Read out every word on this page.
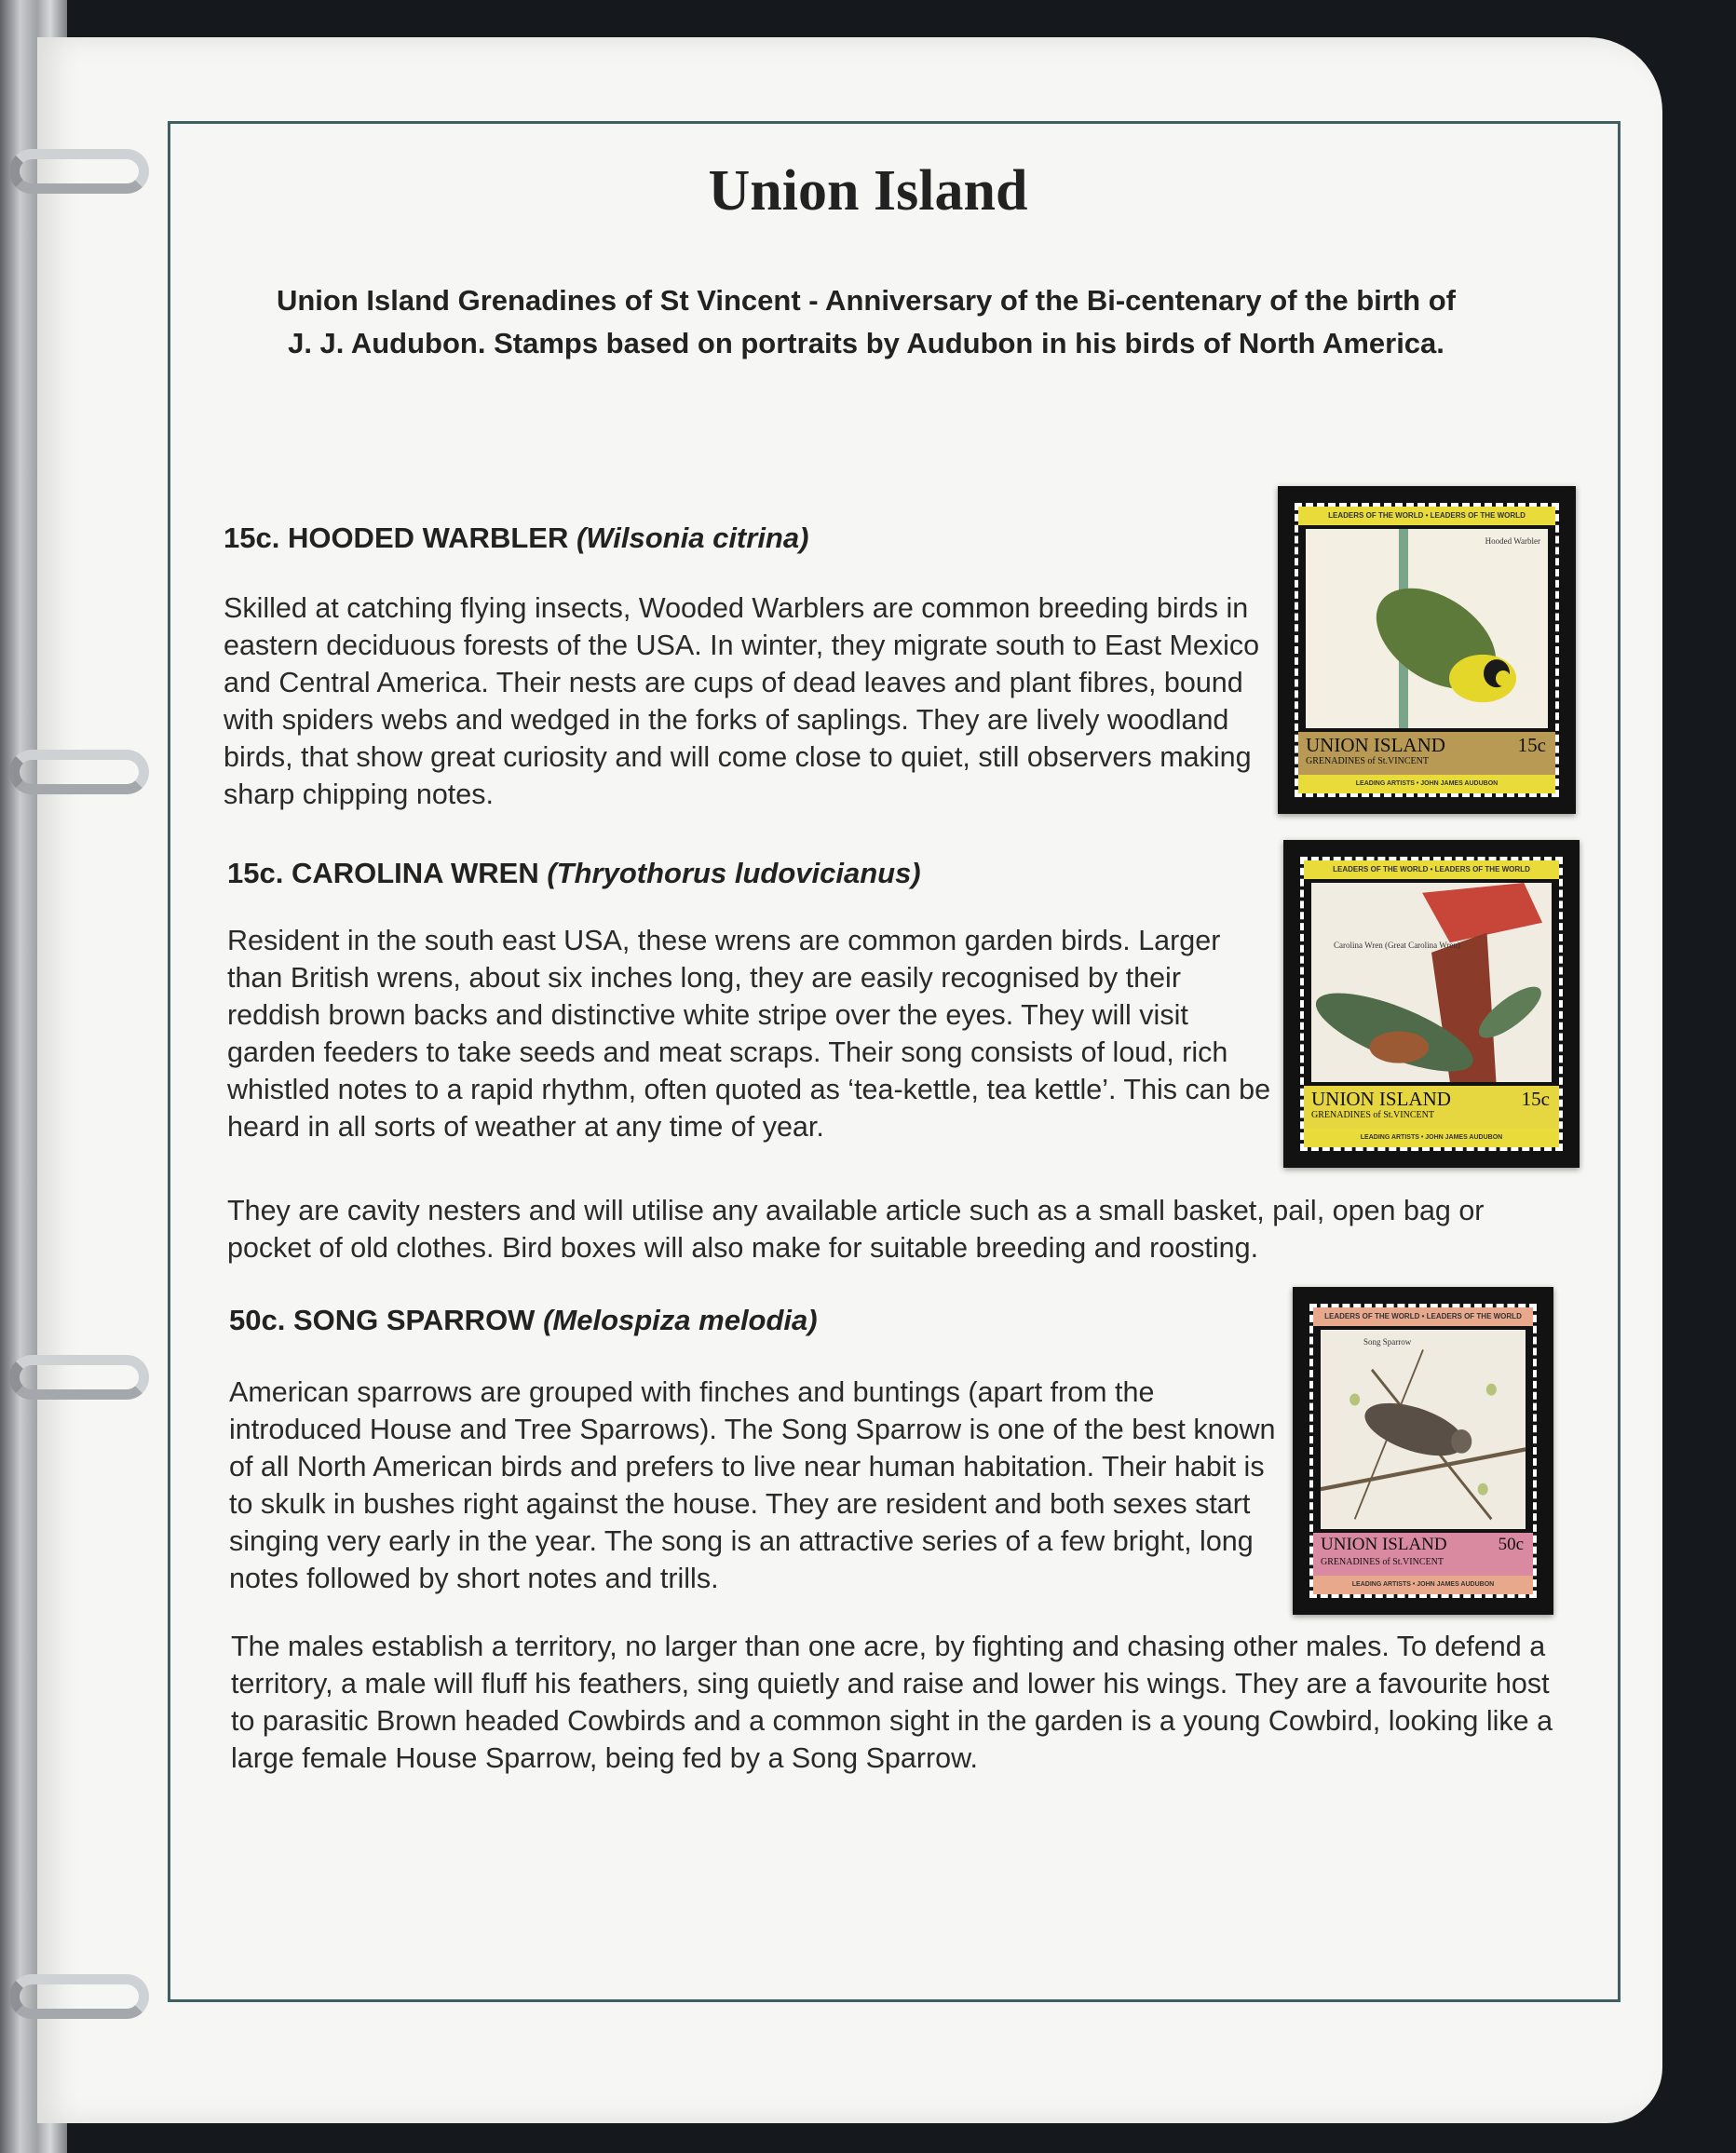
Union Island
Union Island Grenadines of St Vincent - Anniversary of the Bi-centenary of the birth of
J. J. Audubon. Stamps based on portraits by Audubon in his birds of North America.
15c. HOODED WARBLER (Wilsonia citrina)
Skilled at catching flying insects, Wooded Warblers are common breeding birds in eastern deciduous forests of the USA. In winter, they migrate south to East Mexico and Central America. Their nests are cups of dead leaves and plant fibres, bound with spiders webs and wedged in the forks of saplings. They are lively woodland birds, that show great curiosity and will come close to quiet, still observers making sharp chipping notes.
LEADERS OF THE WORLD • LEADERS OF THE WORLD
Hooded Warbler
UNION ISLAND	15c
GRENADINES of St.VINCENT
LEADING ARTISTS • JOHN JAMES AUDUBON
15c. CAROLINA WREN (Thryothorus ludovicianus)
Resident in the south east USA, these wrens are common garden birds. Larger than British wrens, about six inches long, they are easily recognised by their reddish brown backs and distinctive white stripe over the eyes. They will visit garden feeders to take seeds and meat scraps. Their song consists of loud, rich whistled notes to a rapid rhythm, often quoted as ‘tea-kettle, tea kettle’. This can be heard in all sorts of weather at any time of year.
They are cavity nesters and will utilise any available article such as a small basket, pail, open bag or pocket of old clothes. Bird boxes will also make for suitable breeding and roosting.
LEADERS OF THE WORLD • LEADERS OF THE WORLD
Carolina Wren (Great Carolina Wren)
UNION ISLAND	15c
GRENADINES of St.VINCENT
LEADING ARTISTS • JOHN JAMES AUDUBON
50c. SONG SPARROW (Melospiza melodia)
American sparrows are grouped with finches and buntings (apart from the introduced House and Tree Sparrows). The Song Sparrow is one of the best known of all North American birds and prefers to live near human habitation. Their habit is to skulk in bushes right against the house. They are resident and both sexes start singing very early in the year. The song is an attractive series of a few bright, long notes followed by short notes and trills.
The males establish a territory, no larger than one acre, by fighting and chasing other males. To defend a territory, a male will fluff his feathers, sing quietly and raise and lower his wings. They are a favourite host to parasitic Brown headed Cowbirds and a common sight in the garden is a young Cowbird, looking like a large female House Sparrow, being fed by a Song Sparrow.
LEADERS OF THE WORLD • LEADERS OF THE WORLD
Song Sparrow
UNION ISLAND	50c
GRENADINES of St.VINCENT
LEADING ARTISTS • JOHN JAMES AUDUBON
